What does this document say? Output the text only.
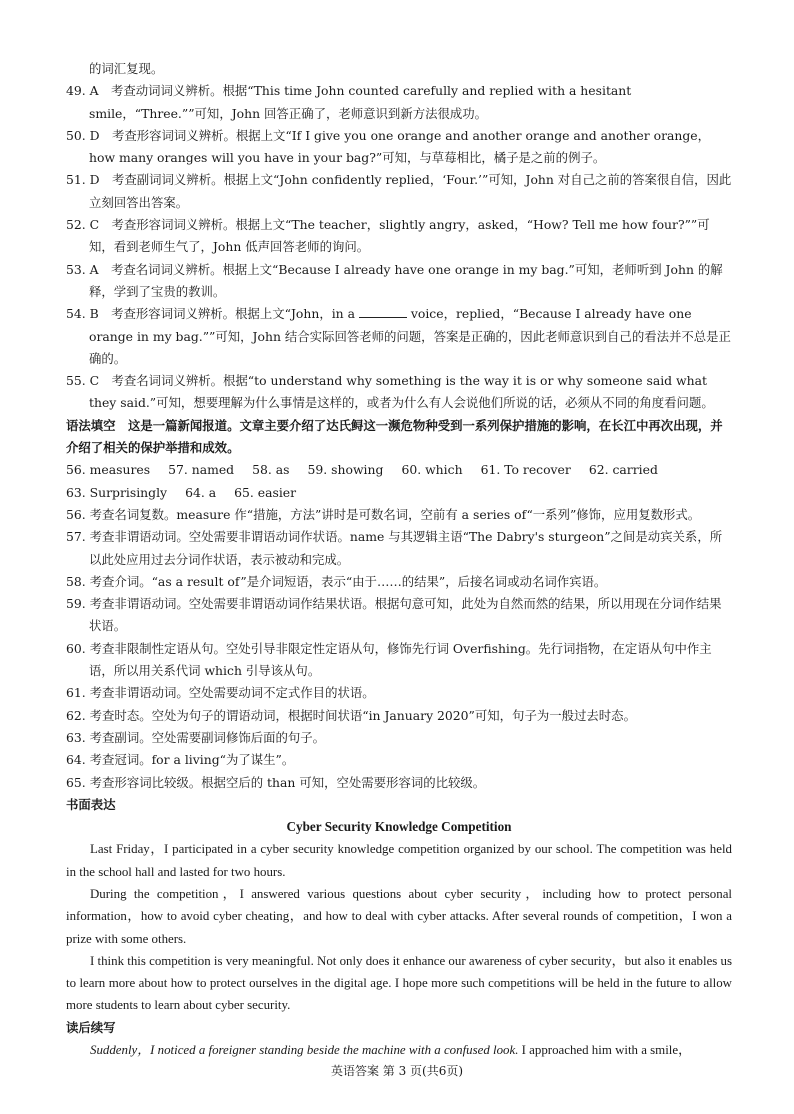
的词汇复现。

49. A　考查动词词义辨析。根据“This time John counted carefully and replied with a hesitant smile，“Three.””可知，John 回答正确了，老师意识到新方法很成功。

50. D　考查形容词词义辨析。根据上文“If I give you one orange and another orange and another orange，how many oranges will you have in your bag?”可知，与草莓相比，橘子是之前的例子。

51. D　考查副词词义辨析。根据上文“John confidently replied，‘Four.’”可知，John 对自己之前的答案很自信，因此立刻回答出答案。

52. C　考查形容词词义辨析。根据上文“The teacher，slightly angry，asked，“How? Tell me how four?””可知，看到老师生气了，John 低声回答老师的询问。

53. A　考查名词词义辨析。根据上文“Because I already have one orange in my bag.”可知，老师听到 John 的解释，学到了宝贵的教训。

54. B　考查形容词词义辨析。根据上文“John，in a	voice，replied，“Because I already have one orange in my bag.””可知，John 结合实际回答老师的问题，答案是正确的，因此老师意识到自己的看法并不总是正确的。

55. C　考查名词词义辨析。根据“to understand why something is the way it is or why someone said what they said.”可知，想要理解为什么事情是这样的，或者为什么有人会说他们所说的话，必须从不同的角度看问题。

语法填空　这是一篇新闻报道。文章主要介绍了达氏鲟这一濒危物种受到一系列保护措施的影响，在长江中再次出现，并介绍了相关的保护举措和成效。

56. measures 57. named 58. as 59. showing 60. which 61. To recover 62. carried
63. Surprisingly 64. a 65. easier

56. 考查名词复数。measure 作“措施，方法”讲时是可数名词，空前有 a series of“一系列”修饰，应用复数形式。

57. 考查非谓语动词。空处需要非谓语动词作状语。name 与其逻辑主语“The Dabry's sturgeon”之间是动宾关系，所以此处应用过去分词作状语，表示被动和完成。

58. 考查介词。“as a result of”是介词短语，表示“由于……的结果”，后接名词或动名词作宾语。

59. 考查非谓语动词。空处需要非谓语动词作结果状语。根据句意可知，此处为自然而然的结果，所以用现在分词作结果状语。

60. 考查非限制性定语从句。空处引导非限定性定语从句，修饰先行词 Overfishing。先行词指物，在定语从句中作主语，所以用关系代词 which 引导该从句。

61. 考查非谓语动词。空处需要动词不定式作目的状语。

62. 考查时态。空处为句子的谓语动词，根据时间状语“in January 2020”可知，句子为一般过去时态。

63. 考查副词。空处需要副词修饰后面的句子。

64. 考查冠词。for a living“为了谋生”。

65. 考查形容词比较级。根据空后的 than 可知，空处需要形容词的比较级。

书面表达

Cyber Security Knowledge Competition

Last Friday，I participated in a cyber security knowledge competition organized by our school. The competition was held in the school hall and lasted for two hours.

During the competition，I answered various questions about cyber security，including how to protect personal information，how to avoid cyber cheating，and how to deal with cyber attacks. After several rounds of competition，I won a prize with some others.

I think this competition is very meaningful. Not only does it enhance our awareness of cyber security，but also it enables us to learn more about how to protect ourselves in the digital age. I hope more such competitions will be held in the future to allow more students to learn about cyber security.

读后续写

Suddenly，I noticed a foreigner standing beside the machine with a confused look. I approached him with a smile，

英语答案 第 3 页(共6页)
